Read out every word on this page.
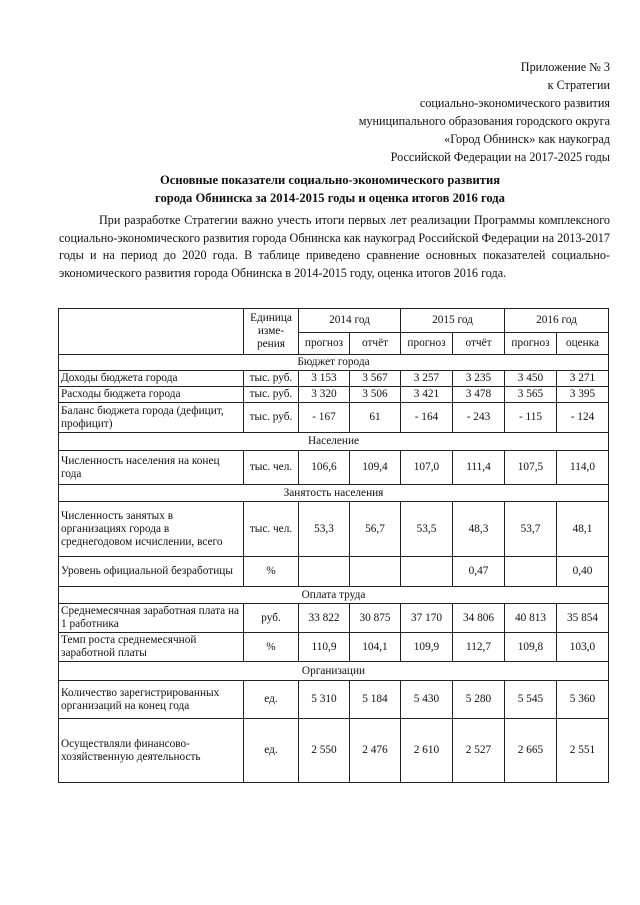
Приложение № 3
к Стратегии
социально-экономического развития
муниципального образования городского округа
«Город Обнинск» как наукоград
Российской Федерации на 2017-2025 годы
Основные показатели социально-экономического развития
города Обнинска за 2014-2015 годы и оценка итогов 2016 года

При разработке Стратегии важно учесть итоги первых лет реализации Программы комплексного социально-экономического развития города Обнинска как наукоград Российской Федерации на 2013-2017 годы и на период до 2020 года. В таблице приведено сравнение основных показателей социально-экономического развития города Обнинска в 2014-2015 году, оценка итогов 2016 года.

	Единица изме-рения	2014 год		2015 год		2016 год	
		прогноз	отчёт	прогноз	отчёт	прогноз	оценка
Бюджет города							
Доходы бюджета города	тыс. руб.	3 153	3 567	3 257	3 235	3 450	3 271
Расходы бюджета города	тыс. руб.	3 320	3 506	3 421	3 478	3 565	3 395
Баланс бюджета города (дефицит, профицит)	тыс. руб.	- 167	61	- 164	- 243	- 115	- 124
Население							
Численность населения на конец года	тыс. чел.	106,6	109,4	107,0	111,4	107,5	114,0
Занятость населения							
Численность занятых в организациях города в среднегодовом исчислении, всего	тыс. чел.	53,3	56,7	53,5	48,3	53,7	48,1
Уровень официальной безработицы	%				0,47		0,40
Оплата труда							
Среднемесячная заработная плата на 1 работника	руб.	33 822	30 875	37 170	34 806	40 813	35 854
Темп роста среднемесячной заработной платы	%	110,9	104,1	109,9	112,7	109,8	103,0
Организации							
Количество зарегистрированных организаций на конец года	ед.	5 310	5 184	5 430	5 280	5 545	5 360
Осуществляли финансово-хозяйственную деятельность	ед.	2 550	2 476	2 610	2 527	2 665	2 551
